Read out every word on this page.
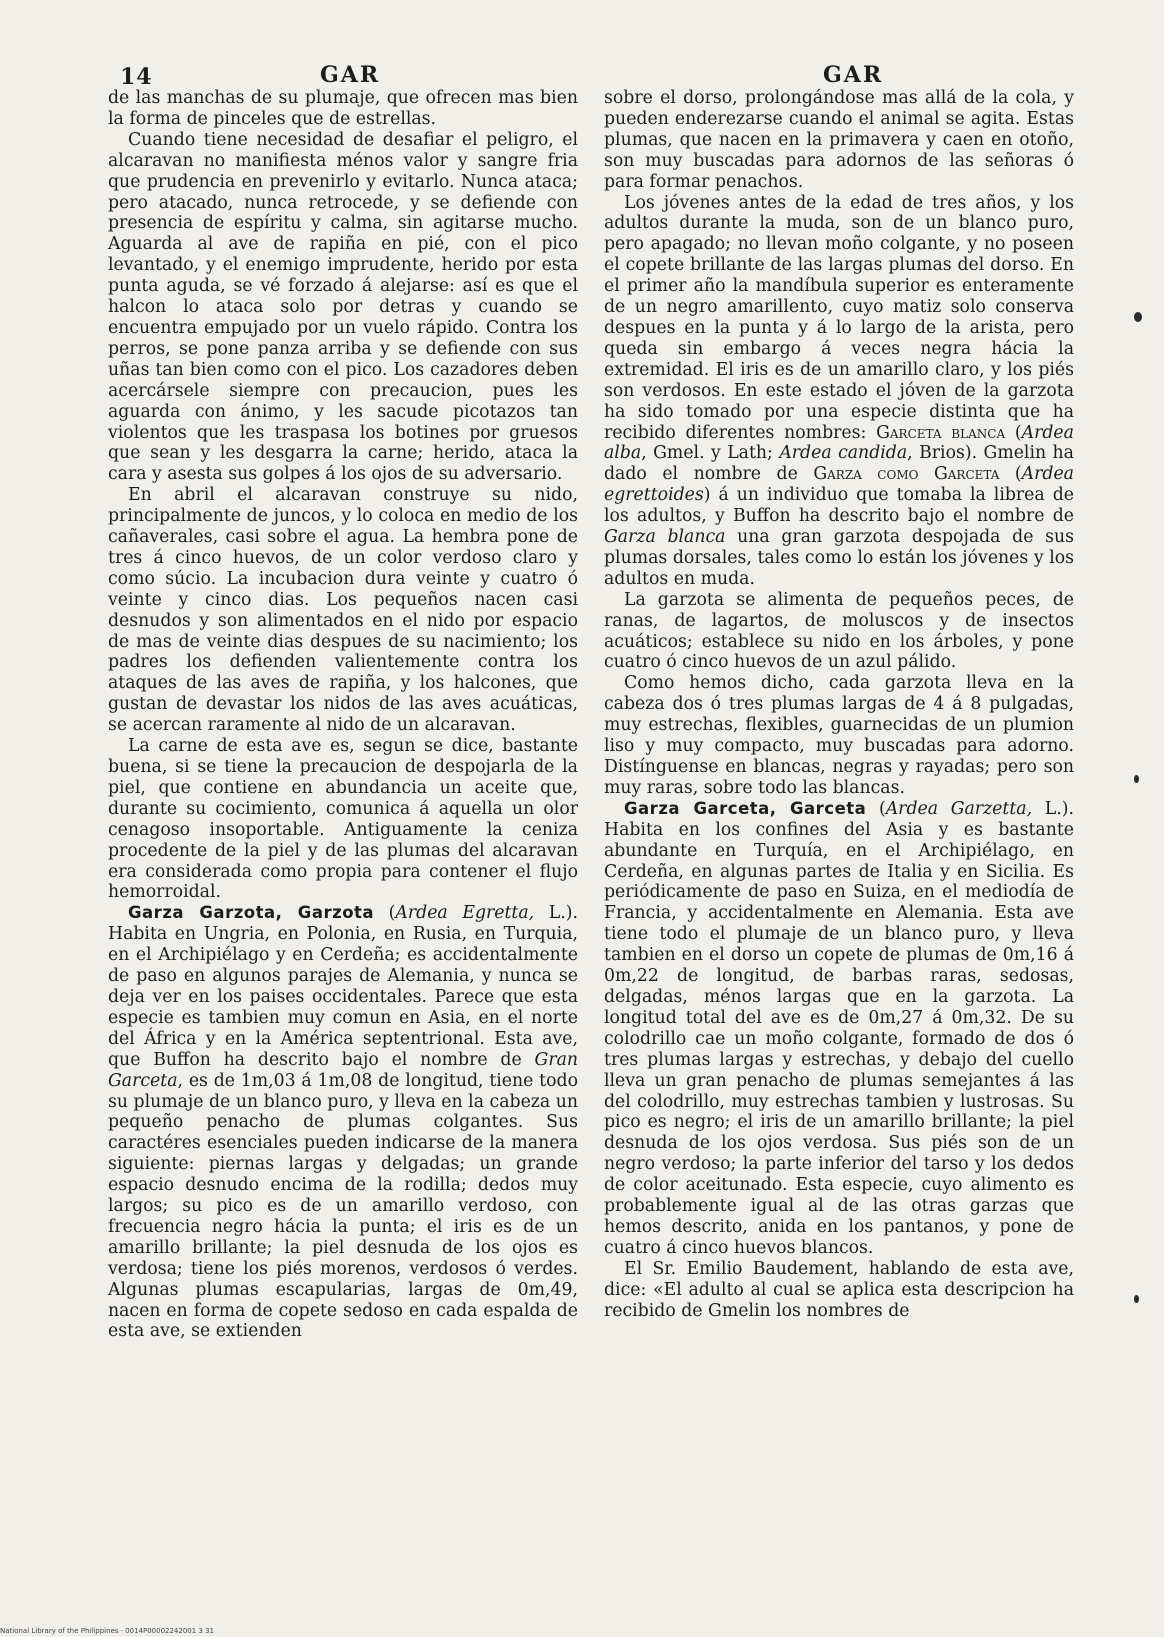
14	GAR	GAR

de las manchas de su plumaje, que ofrecen mas bien la forma de pinceles que de estrellas.

Cuando tiene necesidad de desafiar el peligro, el alcaravan no manifiesta ménos valor y sangre fria que prudencia en prevenirlo y evitarlo. Nunca ataca; pero atacado, nunca retrocede, y se defiende con presencia de espíritu y calma, sin agitarse mucho. Aguarda al ave de rapiña en pié, con el pico levantado, y el enemigo imprudente, herido por esta punta aguda, se vé forzado á alejarse: así es que el halcon lo ataca solo por detras y cuando se encuentra empujado por un vuelo rápido. Contra los perros, se pone panza arriba y se defiende con sus uñas tan bien como con el pico. Los cazadores deben acercársele siempre con precaucion, pues les aguarda con ánimo, y les sacude picotazos tan violentos que les traspasa los botines por gruesos que sean y les desgarra la carne; herido, ataca la cara y asesta sus golpes á los ojos de su adversario.

En abril el alcaravan construye su nido, principalmente de juncos, y lo coloca en medio de los cañaverales, casi sobre el agua. La hembra pone de tres á cinco huevos, de un color verdoso claro y como súcio. La incubacion dura veinte y cuatro ó veinte y cinco dias. Los pequeños nacen casi desnudos y son alimentados en el nido por espacio de mas de veinte dias despues de su nacimiento; los padres los defienden valientemente contra los ataques de las aves de rapiña, y los halcones, que gustan de devastar los nidos de las aves acuáticas, se acercan raramente al nido de un alcaravan.

La carne de esta ave es, segun se dice, bastante buena, si se tiene la precaucion de despojarla de la piel, que contiene en abundancia un aceite que, durante su cocimiento, comunica á aquella un olor cenagoso insoportable. Antiguamente la ceniza procedente de la piel y de las plumas del alcaravan era considerada como propia para contener el flujo hemorroidal.

Garza Garzota, Garzota (Ardea Egretta, L.). Habita en Ungria, en Polonia, en Rusia, en Turquia, en el Archipiélago y en Cerdeña; es accidentalmente de paso en algunos parajes de Alemania, y nunca se deja ver en los paises occidentales. Parece que esta especie es tambien muy comun en Asia, en el norte del África y en la América septentrional. Esta ave, que Buffon ha descrito bajo el nombre de Gran Garceta, es de 1m,03 á 1m,08 de longitud, tiene todo su plumaje de un blanco puro, y lleva en la cabeza un pequeño penacho de plumas colgantes. Sus caractéres esenciales pueden indicarse de la manera siguiente: piernas largas y delgadas; un grande espacio desnudo encima de la rodilla; dedos muy largos; su pico es de un amarillo verdoso, con frecuencia negro hácia la punta; el iris es de un amarillo brillante; la piel desnuda de los ojos es verdosa; tiene los piés morenos, verdosos ó verdes. Algunas plumas escapularias, largas de 0m,49, nacen en forma de copete sedoso en cada espalda de esta ave, se extienden

sobre el dorso, prolongándose mas allá de la cola, y pueden enderezarse cuando el animal se agita. Estas plumas, que nacen en la primavera y caen en otoño, son muy buscadas para adornos de las señoras ó para formar penachos.

Los jóvenes antes de la edad de tres años, y los adultos durante la muda, son de un blanco puro, pero apagado; no llevan moño colgante, y no poseen el copete brillante de las largas plumas del dorso. En el primer año la mandíbula superior es enteramente de un negro amarillento, cuyo matiz solo conserva despues en la punta y á lo largo de la arista, pero queda sin embargo á veces negra hácia la extremidad. El iris es de un amarillo claro, y los piés son verdosos. En este estado el jóven de la garzota ha sido tomado por una especie distinta que ha recibido diferentes nombres: Garceta blanca (Ardea alba, Gmel. y Lath; Ardea candida, Brios). Gmelin ha dado el nombre de Garza como Garceta (Ardea egrettoides) á un individuo que tomaba la librea de los adultos, y Buffon ha descrito bajo el nombre de Garza blanca una gran garzota despojada de sus plumas dorsales, tales como lo están los jóvenes y los adultos en muda.

La garzota se alimenta de pequeños peces, de ranas, de lagartos, de moluscos y de insectos acuáticos; establece su nido en los árboles, y pone cuatro ó cinco huevos de un azul pálido.

Como hemos dicho, cada garzota lleva en la cabeza dos ó tres plumas largas de 4 á 8 pulgadas, muy estrechas, flexibles, guarnecidas de un plumion liso y muy compacto, muy buscadas para adorno. Distínguense en blancas, negras y rayadas; pero son muy raras, sobre todo las blancas.

Garza Garceta, Garceta (Ardea Garzetta, L.). Habita en los confines del Asia y es bastante abundante en Turquía, en el Archipiélago, en Cerdeña, en algunas partes de Italia y en Sicilia. Es periódicamente de paso en Suiza, en el mediodía de Francia, y accidentalmente en Alemania. Esta ave tiene todo el plumaje de un blanco puro, y lleva tambien en el dorso un copete de plumas de 0m,16 á 0m,22 de longitud, de barbas raras, sedosas, delgadas, ménos largas que en la garzota. La longitud total del ave es de 0m,27 á 0m,32. De su colodrillo cae un moño colgante, formado de dos ó tres plumas largas y estrechas, y debajo del cuello lleva un gran penacho de plumas semejantes á las del colodrillo, muy estrechas tambien y lustrosas. Su pico es negro; el iris de un amarillo brillante; la piel desnuda de los ojos verdosa. Sus piés son de un negro verdoso; la parte inferior del tarso y los dedos de color aceitunado. Esta especie, cuyo alimento es probablemente igual al de las otras garzas que hemos descrito, anida en los pantanos, y pone de cuatro á cinco huevos blancos.

El Sr. Emilio Baudement, hablando de esta ave, dice: «El adulto al cual se aplica esta descripcion ha recibido de Gmelin los nombres de

National Library of the Philippines · 0014P00002242001 3 31
